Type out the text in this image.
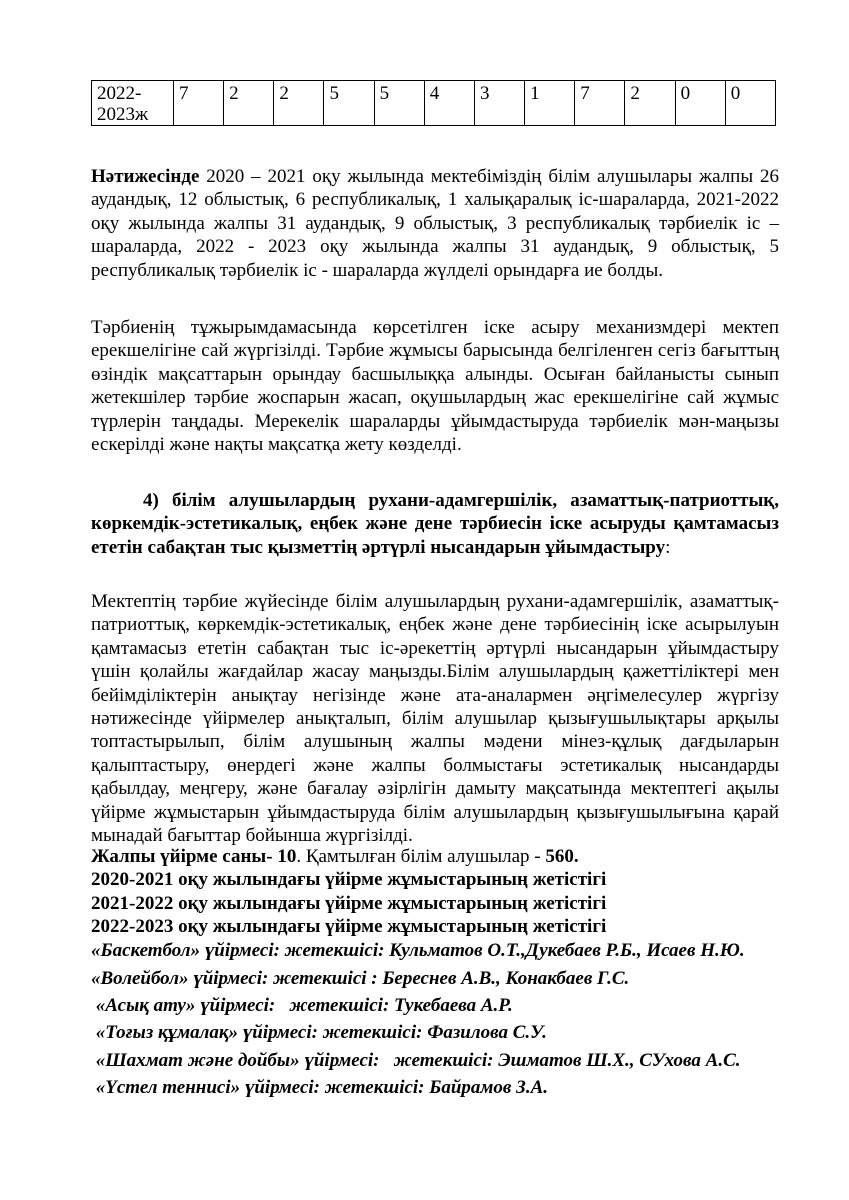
2022-
2023ж	7	2	2	5	5	4	3	1	7	2	0	0

Нәтижесінде 2020 – 2021 оқу жылында мектебіміздің білім алушылары жалпы 26 аудандық, 12 облыстық, 6 республикалық, 1 халықаралық іс-шараларда, 2021-2022 оқу жылында жалпы 31 аудандық, 9 облыстық, 3 республикалық тәрбиелік іс – шараларда, 2022 - 2023 оқу жылында жалпы 31 аудандық, 9 облыстық, 5 республикалық тәрбиелік іс - шараларда жүлделі орындарға ие болды.

Тәрбиенің тұжырымдамасында көрсетілген іске асыру механизмдері мектеп ерекшелігіне сай жүргізілді. Тәрбие жұмысы барысында белгіленген сегіз бағыттың өзіндік мақсаттарын орындау басшылыққа алынды. Осыған байланысты сынып жетекшілер тәрбие жоспарын жасап, оқушылардың жас ерекшелігіне сай жұмыс түрлерін таңдады. Мерекелік шараларды ұйымдастыруда тәрбиелік мән-маңызы ескерілді және нақты мақсатқа жету көзделді.

4) білім алушылардың рухани-адамгершілік, азаматтық-патриоттық, көркемдік-эстетикалық, еңбек және дене тәрбиесін іске асыруды қамтамасыз ететін сабақтан тыс қызметтің әртүрлі нысандарын ұйымдастыру:

Мектептің тәрбие жүйесінде білім алушылардың рухани-адамгершілік, азаматтық-патриоттық, көркемдік-эстетикалық, еңбек және дене тәрбиесінің іске асырылуын қамтамасыз ететін сабақтан тыс іс-әрекеттің әртүрлі нысандарын ұйымдастыру үшін қолайлы жағдайлар жасау маңызды.Білім алушылардың қажеттіліктері мен бейімділіктерін анықтау негізінде және ата-аналармен әңгімелесулер жүргізу нәтижесінде үйірмелер анықталып, білім алушылар қызығушылықтары арқылы топтастырылып, білім алушының жалпы мәдени мінез-құлық дағдыларын қалыптастыру, өнердегі және жалпы болмыстағы эстетикалық нысандарды қабылдау, меңгеру, және бағалау әзірлігін дамыту мақсатында мектептегі ақылы үйірме жұмыстарын ұйымдастыруда білім алушылардың қызығушылығына қарай мынадай бағыттар бойынша жүргізілді.

Жалпы үйірме саны- 10. Қамтылған білім алушылар - 560.

2020-2021 оқу жылындағы үйірме жұмыстарының жетістігі

2021-2022 оқу жылындағы үйірме жұмыстарының жетістігі

2022-2023 оқу жылындағы үйірме жұмыстарының жетістігі

«Баскетбол» үйірмесі: жетекшісі: Кульматов О.Т.,Дукебаев Р.Б., Исаев Н.Ю.

«Волейбол» үйірмесі: жетекшісі : Береснев А.В., Конакбаев Г.С.

«Асық ату» үйірмесі:   жетекшісі: Тукебаева А.Р.

«Тоғыз құмалақ» үйірмесі: жетекшісі: Фазилова С.У.

«Шахмат және дойбы» үйірмесі:   жетекшісі: Эшматов Ш.Х., СУхова А.С.

«Үстел теннисі» үйірмесі: жетекшісі: Байрамов З.А.
